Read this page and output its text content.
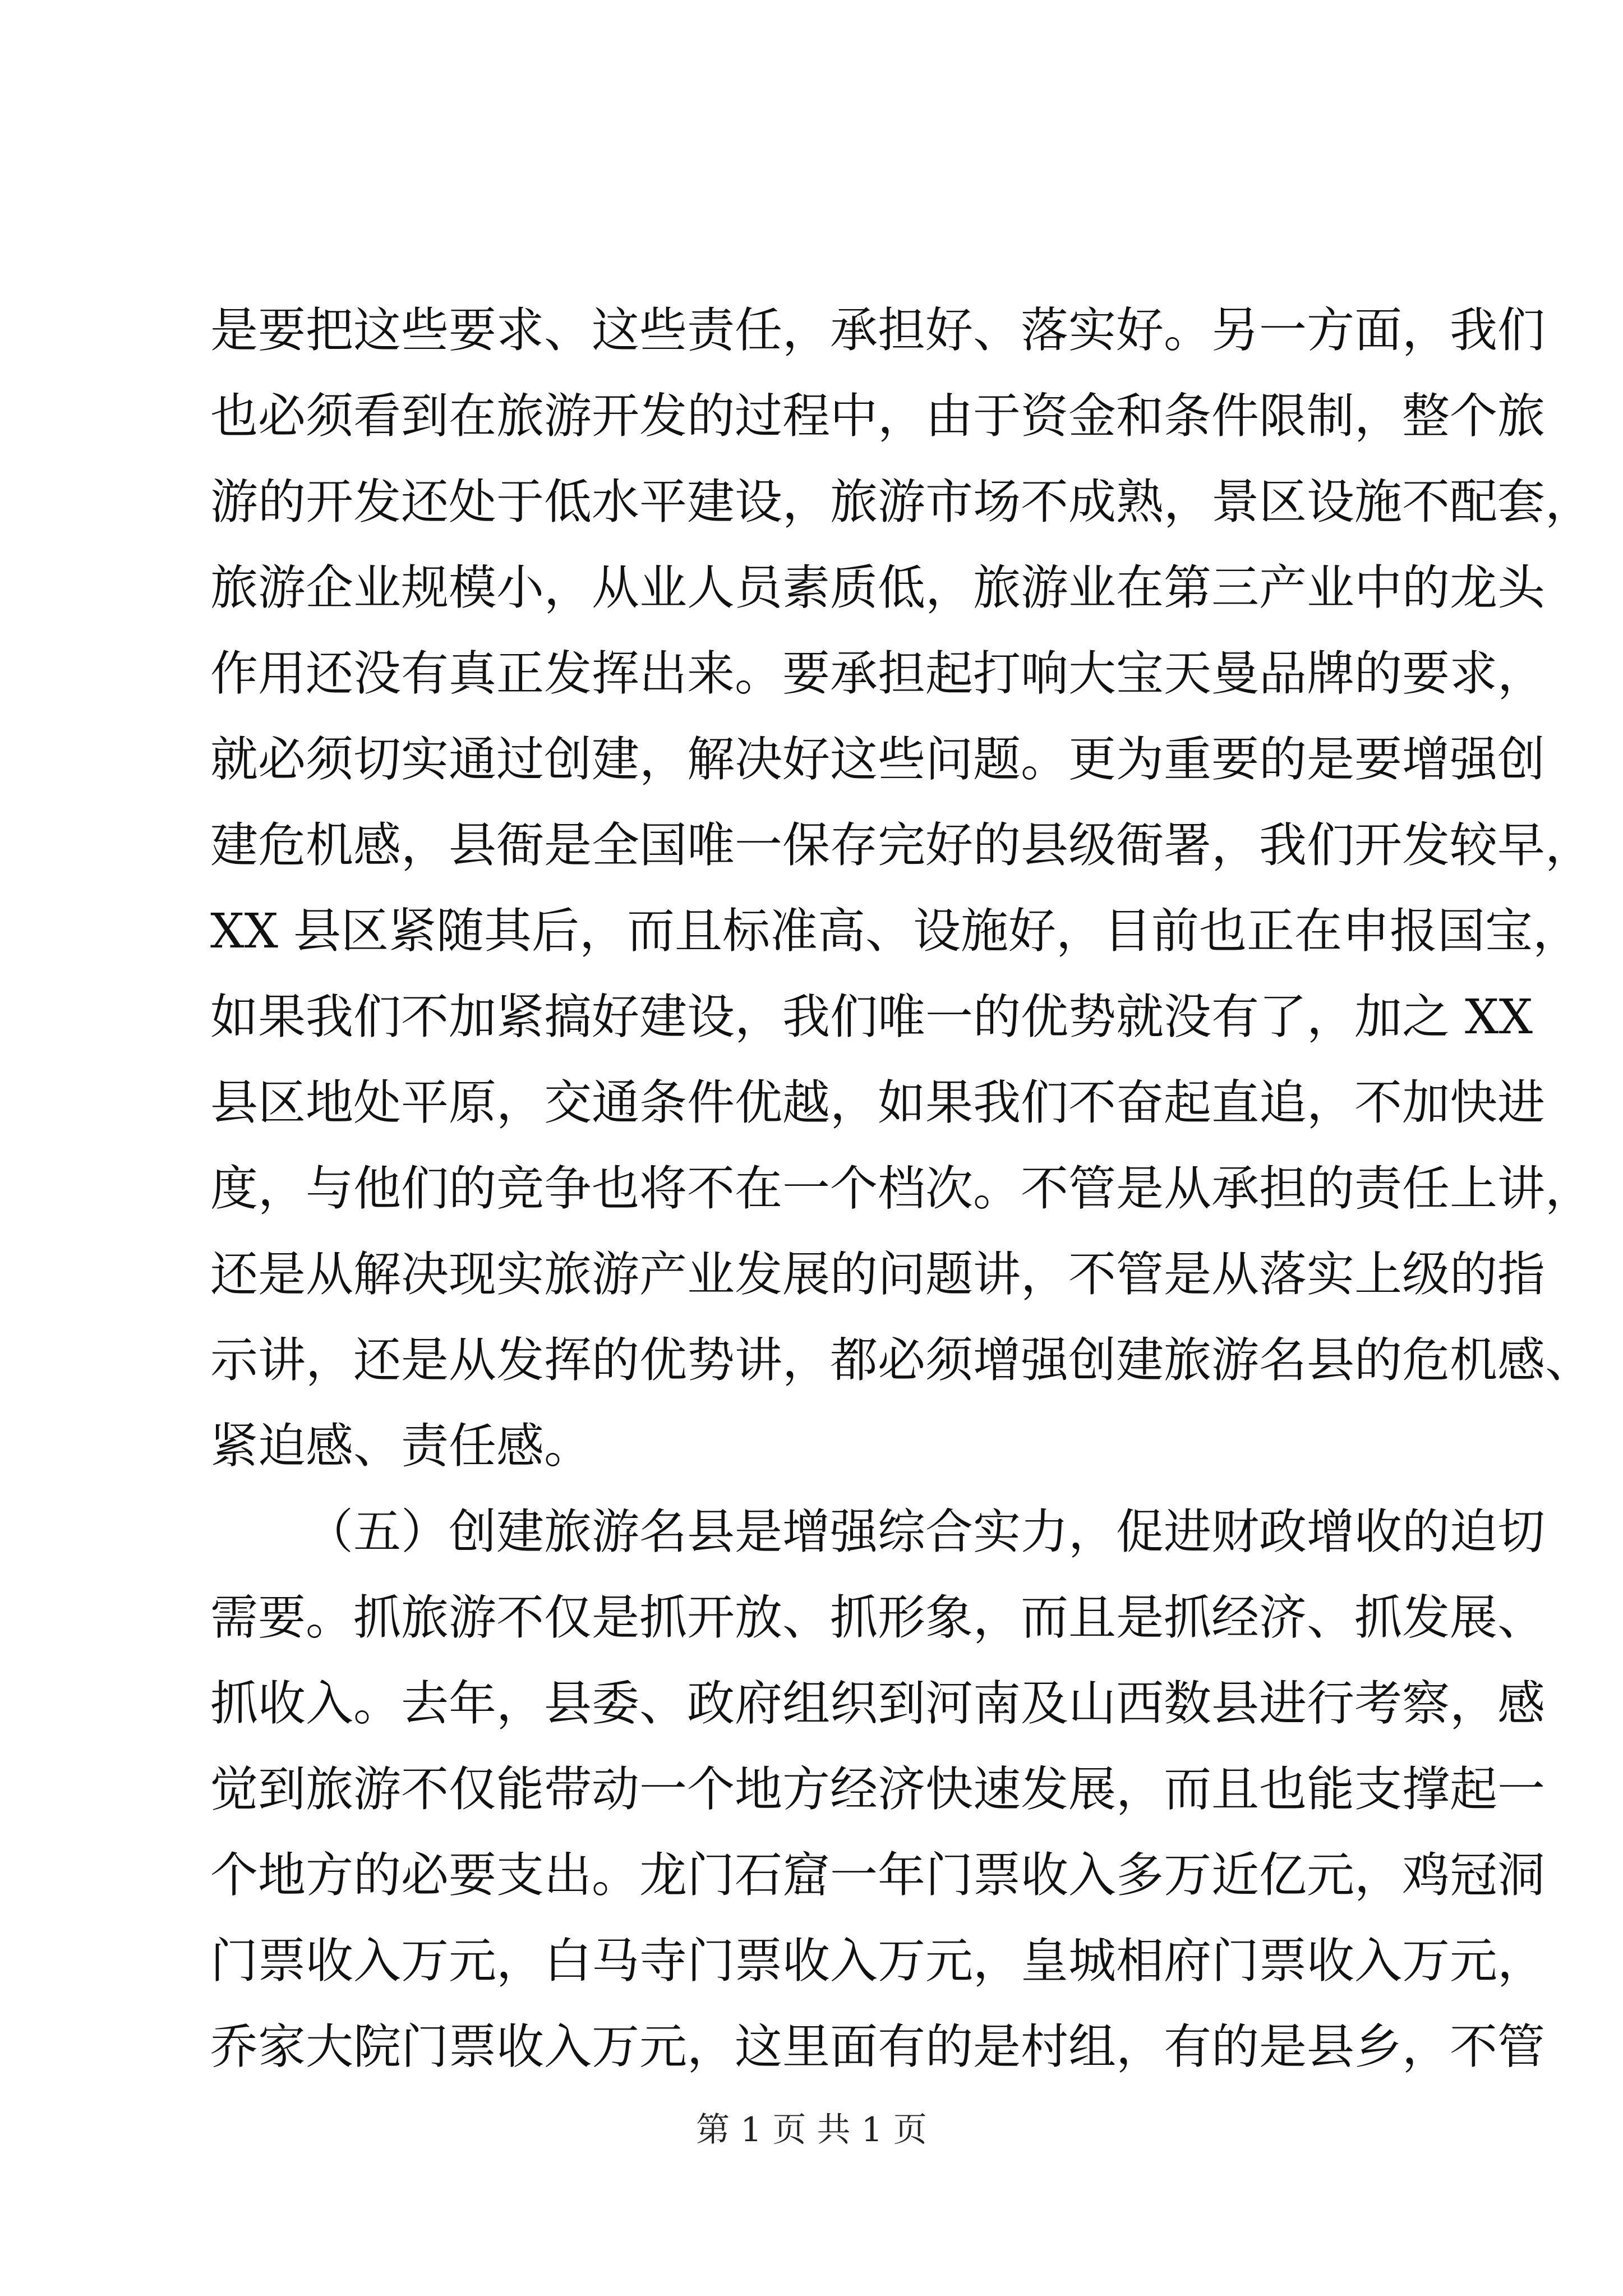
是要把这些要求、这些责任，承担好、落实好。另一方面，我们
也必须看到在旅游开发的过程中，由于资金和条件限制，整个旅
游的开发还处于低水平建设，旅游市场不成熟，景区设施不配套，
旅游企业规模小，从业人员素质低，旅游业在第三产业中的龙头
作用还没有真正发挥出来。要承担起打响大宝天曼品牌的要求，
就必须切实通过创建，解决好这些问题。更为重要的是要增强创
建危机感，县衙是全国唯一保存完好的县级衙署，我们开发较早，
XX 县区紧随其后，而且标准高、设施好，目前也正在申报国宝，
如果我们不加紧搞好建设，我们唯一的优势就没有了，加之 XX
县区地处平原，交通条件优越，如果我们不奋起直追，不加快进
度，与他们的竞争也将不在一个档次。不管是从承担的责任上讲，
还是从解决现实旅游产业发展的问题讲，不管是从落实上级的指
示讲，还是从发挥的优势讲，都必须增强创建旅游名县的危机感、
紧迫感、责任感。
（五）创建旅游名县是增强综合实力，促进财政增收的迫切
需要。抓旅游不仅是抓开放、抓形象，而且是抓经济、抓发展、
抓收入。去年，县委、政府组织到河南及山西数县进行考察，感
觉到旅游不仅能带动一个地方经济快速发展，而且也能支撑起一
个地方的必要支出。龙门石窟一年门票收入多万近亿元，鸡冠洞
门票收入万元，白马寺门票收入万元，皇城相府门票收入万元，
乔家大院门票收入万元，这里面有的是村组，有的是县乡，不管
第 1 页 共 1 页
